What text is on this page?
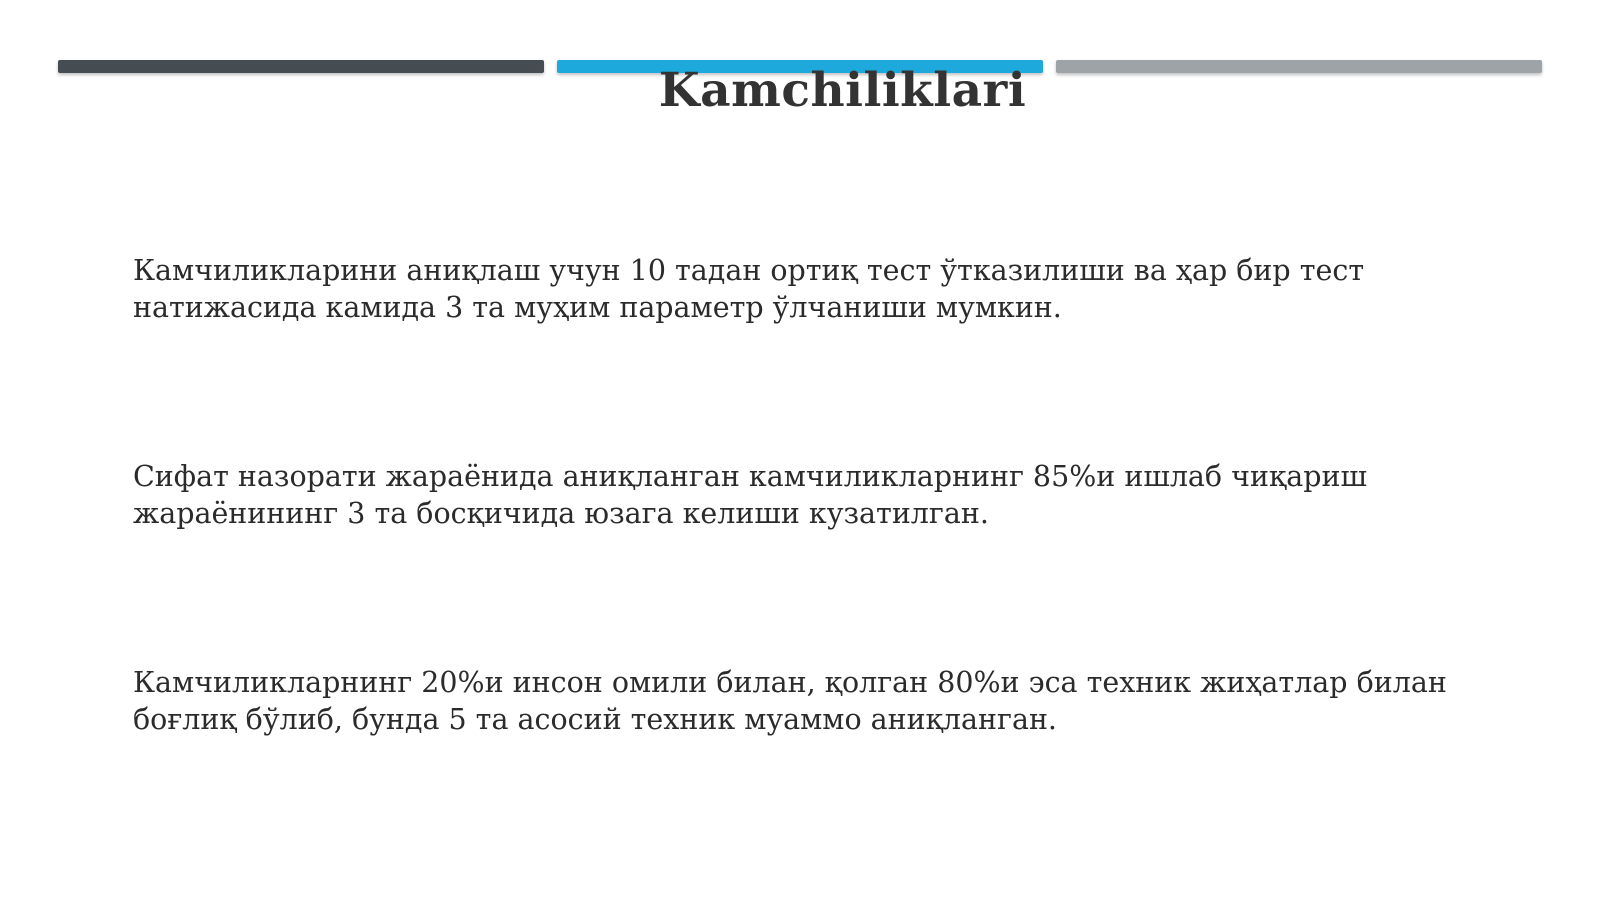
Kamchiliklari
Камчиликларини аниқлаш учун 10 тадан ортиқ тест ўтказилиши ва ҳар бир тест натижасида камида 3 та муҳим параметр ўлчаниши мумкин.
Сифат назорати жараёнида аниқланган камчиликларнинг 85%и ишлаб чиқариш жараёнининг 3 та босқичида юзага келиши кузатилган.
Камчиликларнинг 20%и инсон омили билан, қолган 80%и эса техник жиҳатлар билан боғлиқ бўлиб, бунда 5 та асосий техник муаммо аниқланган.
